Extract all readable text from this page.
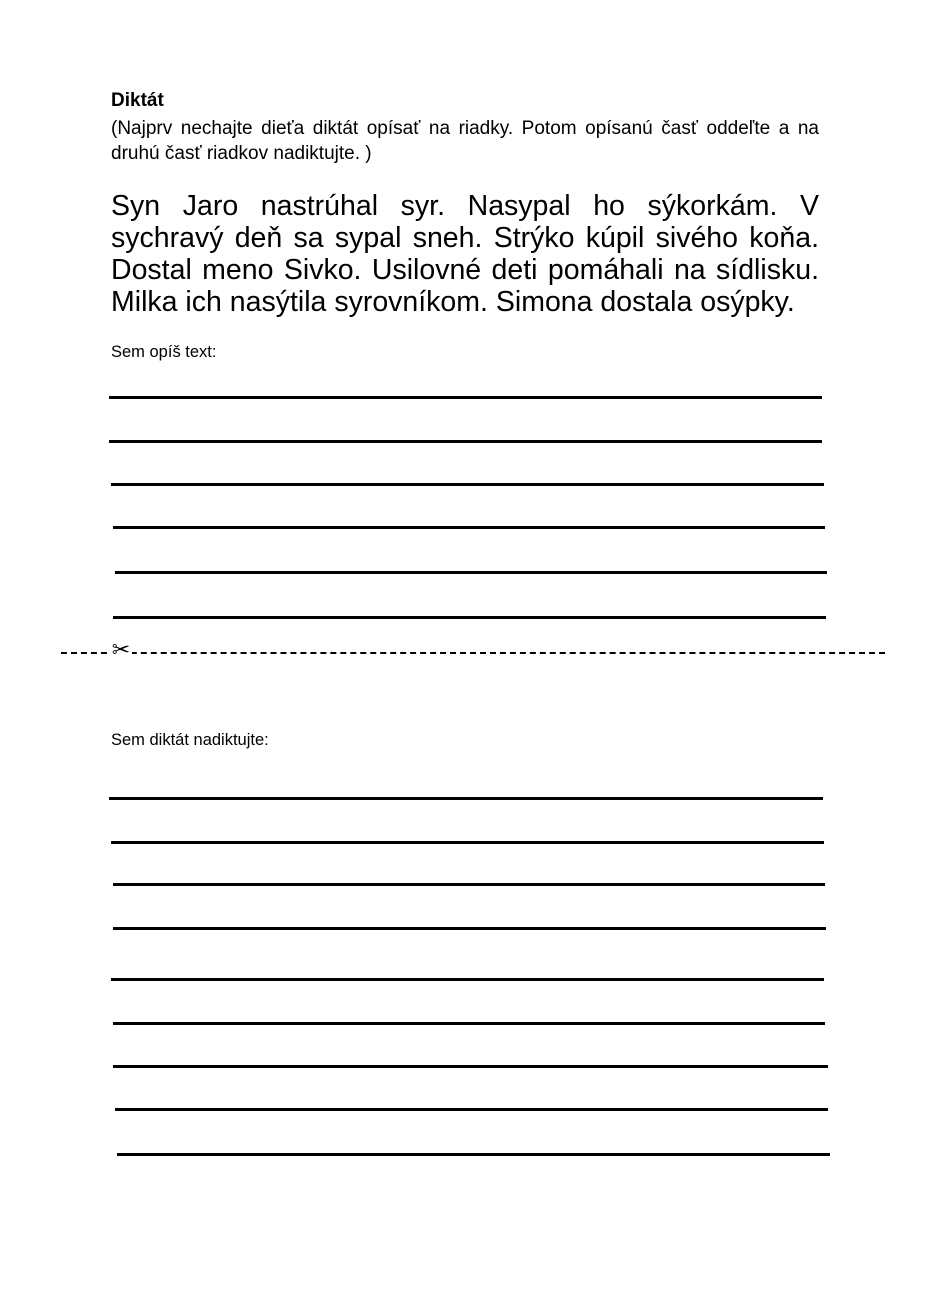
Diktát
(Najprv nechajte dieťa diktát opísať na riadky. Potom opísanú časť oddeľte a na druhú časť riadkov nadiktujte. )
Syn Jaro nastrúhal syr. Nasypal ho sýkorkám. V sychravý deň sa sypal sneh. Strýko kúpil sivého koňa. Dostal meno Sivko. Usilovné deti pomáhali na sídlisku. Milka ich nasýtila syrovníkom. Simona dostala osýpky.
Sem opíš text:
✂
Sem diktát nadiktujte:
